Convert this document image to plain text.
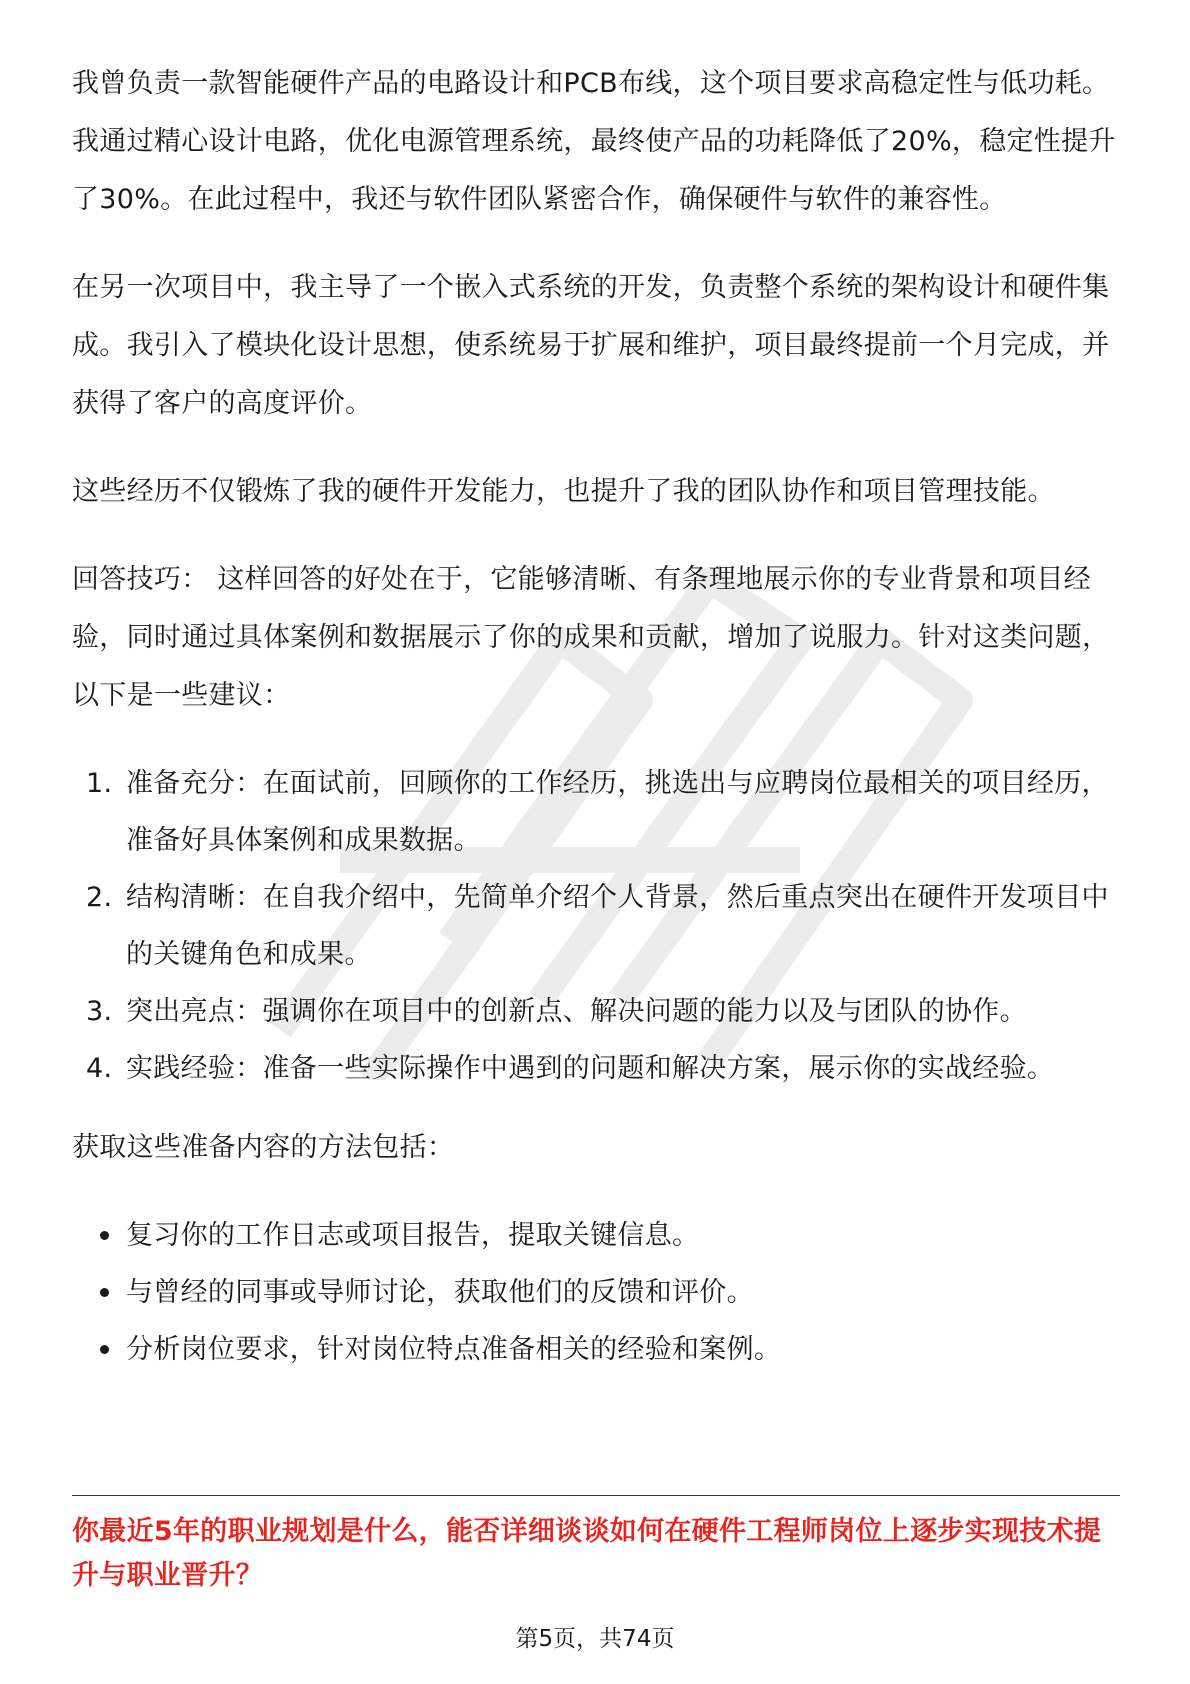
我曾负责一款智能硬件产品的电路设计和PCB布线，这个项目要求高稳定性与低功耗。我通过精心设计电路，优化电源管理系统，最终使产品的功耗降低了20%，稳定性提升了30%。在此过程中，我还与软件团队紧密合作，确保硬件与软件的兼容性。

在另一次项目中，我主导了一个嵌入式系统的开发，负责整个系统的架构设计和硬件集成。我引入了模块化设计思想，使系统易于扩展和维护，项目最终提前一个月完成，并获得了客户的高度评价。

这些经历不仅锻炼了我的硬件开发能力，也提升了我的团队协作和项目管理技能。

回答技巧： 这样回答的好处在于，它能够清晰、有条理地展示你的专业背景和项目经验，同时通过具体案例和数据展示了你的成果和贡献，增加了说服力。针对这类问题，以下是一些建议：

1. 准备充分：在面试前，回顾你的工作经历，挑选出与应聘岗位最相关的项目经历，准备好具体案例和成果数据。
2. 结构清晰：在自我介绍中，先简单介绍个人背景，然后重点突出在硬件开发项目中的关键角色和成果。
3. 突出亮点：强调你在项目中的创新点、解决问题的能力以及与团队的协作。
4. 实践经验：准备一些实际操作中遇到的问题和解决方案，展示你的实战经验。

获取这些准备内容的方法包括：

复习你的工作日志或项目报告，提取关键信息。
与曾经的同事或导师讨论，获取他们的反馈和评价。
分析岗位要求，针对岗位特点准备相关的经验和案例。

你最近5年的职业规划是什么，能否详细谈谈如何在硬件工程师岗位上逐步实现技术提升与职业晋升？

第5页，共74页
